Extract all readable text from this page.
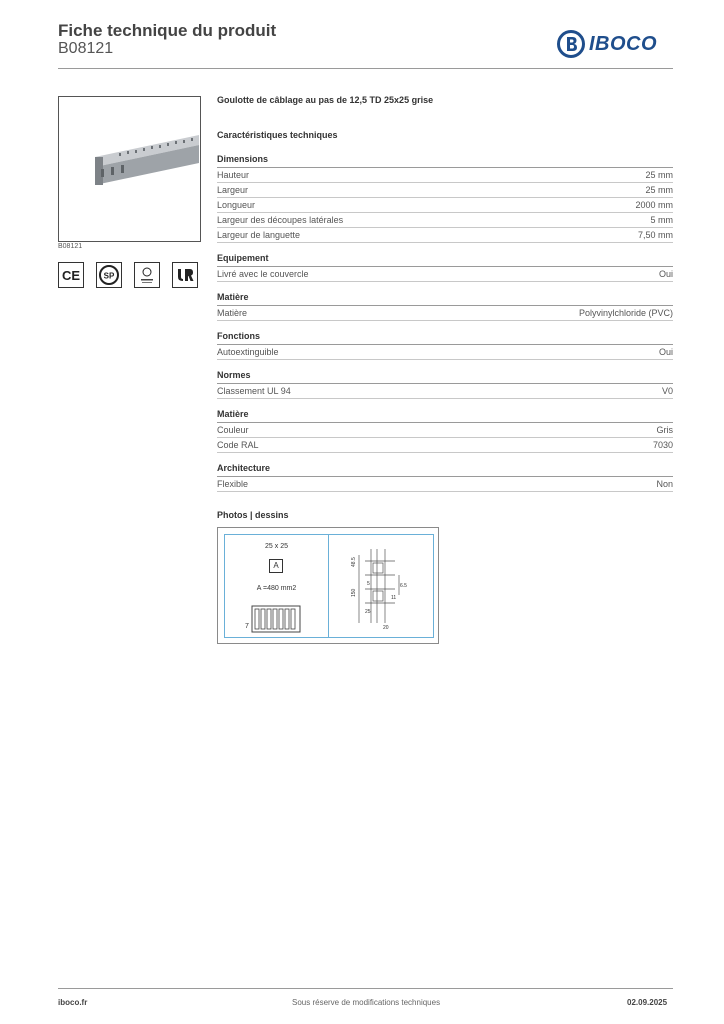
Fiche technique du produit
B08121	IBOCO
B08121
CE	SP
Goulotte de câblage au pas de 12,5 TD 25x25 grise
Caractéristiques techniques
Dimensions
Hauteur	25 mm
Largeur	25 mm
Longueur	2000 mm
Largeur des découpes latérales	5 mm
Largeur de languette	7,50 mm
Equipement
Livré avec le couvercle	Oui
Matière
Matière	Polyvinylchloride (PVC)
Fonctions
Autoextinguible	Oui
Normes
Classement UL 94	V0
Matière
Couleur	Gris
Code RAL	7030
Architecture
Flexible	Non
Photos | dessins
25 x 25
A
A =480 mm2
7
48.5
150
6.5
11
5
25
20
iboco.fr	Sous réserve de modifications techniques	02.09.2025
